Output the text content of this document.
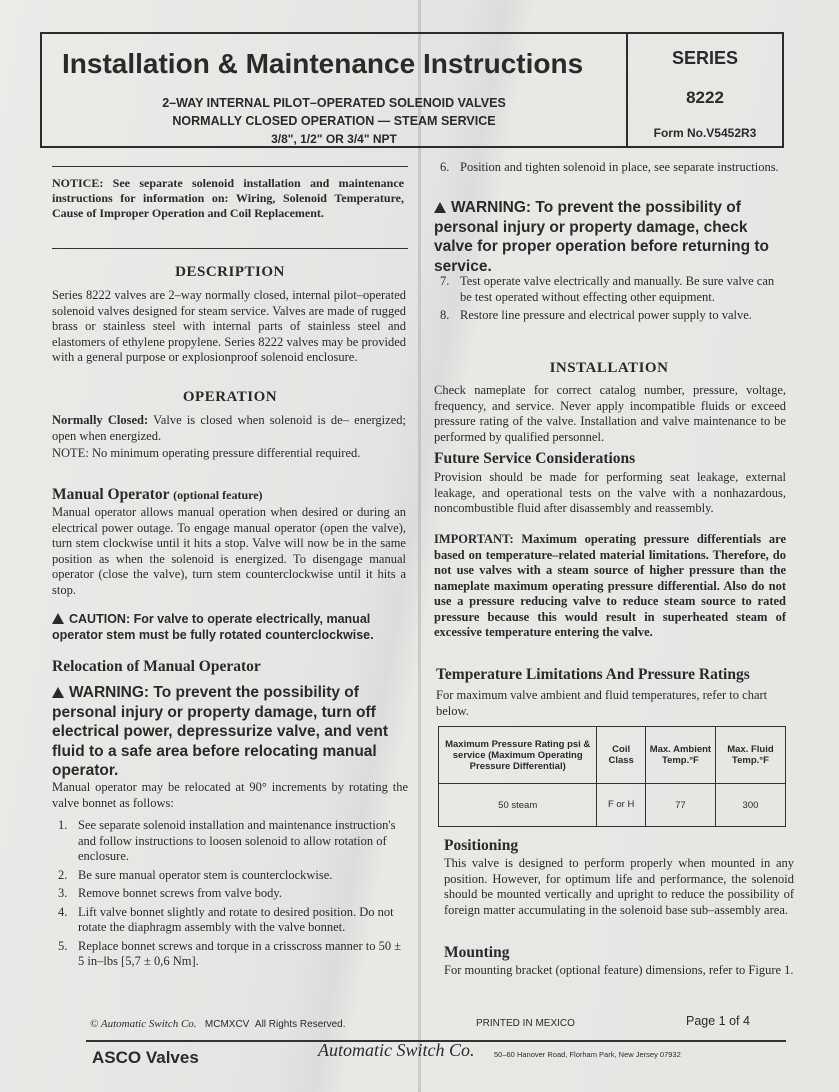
Installation & Maintenance Instructions
2–WAY INTERNAL PILOT–OPERATED SOLENOID VALVES
NORMALLY CLOSED OPERATION — STEAM SERVICE
3/8", 1/2" OR 3/4" NPT
SERIES
8222
Form No.V5452R3
NOTICE: See separate solenoid installation and maintenance instructions for information on: Wiring, Solenoid Temperature, Cause of Improper Operation and Coil Replacement.
DESCRIPTION
Series 8222 valves are 2–way normally closed, internal pilot–operated solenoid valves designed for steam service. Valves are made of rugged brass or stainless steel with internal parts of stainless steel and elastomers of ethylene propylene. Series 8222 valves may be provided with a general purpose or explosionproof solenoid enclosure.
OPERATION
Normally Closed: Valve is closed when solenoid is de– energized; open when energized.
NOTE: No minimum operating pressure differential required.
Manual Operator (optional feature)
Manual operator allows manual operation when desired or during an electrical power outage. To engage manual operator (open the valve), turn stem clockwise until it hits a stop. Valve will now be in the same position as when the solenoid is energized. To disengage manual operator (close the valve), turn stem counterclockwise until it hits a stop.
CAUTION: For valve to operate electrically, manual operator stem must be fully rotated counterclockwise.
Relocation of Manual Operator
WARNING: To prevent the possibility of personal injury or property damage, turn off electrical power, depressurize valve, and vent fluid to a safe area before relocating manual operator.
Manual operator may be relocated at 90° increments by rotating the valve bonnet as follows:
1. See separate solenoid installation and maintenance instruction's and follow instructions to loosen solenoid to allow rotation of enclosure.
2. Be sure manual operator stem is counterclockwise.
3. Remove bonnet screws from valve body.
4. Lift valve bonnet slightly and rotate to desired position. Do not rotate the diaphragm assembly with the valve bonnet.
5. Replace bonnet screws and torque in a crisscross manner to 50 ± 5 in–lbs [5,7 ± 0,6 Nm].
6. Position and tighten solenoid in place, see separate instructions.
WARNING: To prevent the possibility of personal injury or property damage, check valve for proper operation before returning to service.
7. Test operate valve electrically and manually. Be sure valve can be test operated without effecting other equipment.
8. Restore line pressure and electrical power supply to valve.
INSTALLATION
Check nameplate for correct catalog number, pressure, voltage, frequency, and service. Never apply incompatible fluids or exceed pressure rating of the valve. Installation and valve maintenance to be performed by qualified personnel.
Future Service Considerations
Provision should be made for performing seat leakage, external leakage, and operational tests on the valve with a nonhazardous, noncombustible fluid after disassembly and reassembly.
IMPORTANT: Maximum operating pressure differentials are based on temperature–related material limitations. Therefore, do not use valves with a steam source of higher pressure than the nameplate maximum operating pressure differential. Also do not use a pressure reducing valve to reduce steam source to rated pressure because this would result in superheated steam of excessive temperature entering the valve.
Temperature Limitations And Pressure Ratings
For maximum valve ambient and fluid temperatures, refer to chart below.
Maximum Pressure Rating psi & service (Maximum Operating Pressure Differential)	Coil Class	Max. Ambient Temp.°F	Max. Fluid Temp.°F
50 steam	F or H	77	300
Positioning
This valve is designed to perform properly when mounted in any position. However, for optimum life and performance, the solenoid should be mounted vertically and upright to reduce the possibility of foreign matter accumulating in the solenoid base sub–assembly area.
Mounting
For mounting bracket (optional feature) dimensions, refer to Figure 1.
© Automatic Switch Co. MCMXCV All Rights Reserved.	PRINTED IN MEXICO	Page 1 of 4
ASCO Valves	Automatic Switch Co.	50–60 Hanover Road, Florham Park, New Jersey 07932
